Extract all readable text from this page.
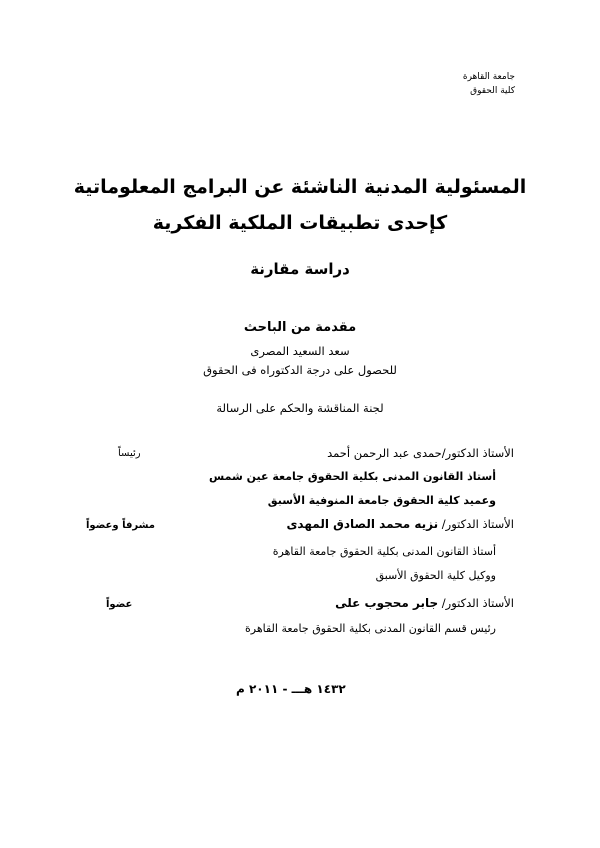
جامعة القاهرة
كلية الحقوق
المسئولية المدنية الناشئة عن البرامج المعلوماتية
كإحدى تطبيقات الملكية الفكرية
دراسة مقارنة
مقدمة من الباحث
سعد السعيد المصرى
للحصول على درجة الدكتوراه فى الحقوق
لجنة المناقشة والحكم على الرسالة
الأستاذ الدكتور/حمدى عبد الرحمن أحمد
رئيساً
أستاذ القانون المدنى بكلية الحقوق جامعة عين شمس
وعميد كلية الحقوق جامعة المنوفية الأسبق
الأستاذ الدكتور/ نزيه محمد الصادق المهدى
مشرفاً وعضواً
أستاذ القانون المدنى بكلية الحقوق جامعة القاهرة
ووكيل كلية الحقوق الأسبق
الأستاذ الدكتور/ جابر محجوب على
عضواً
رئيس قسم القانون المدنى بكلية الحقوق جامعة القاهرة
١٤٣٢ هـــ - ٢٠١١ م
